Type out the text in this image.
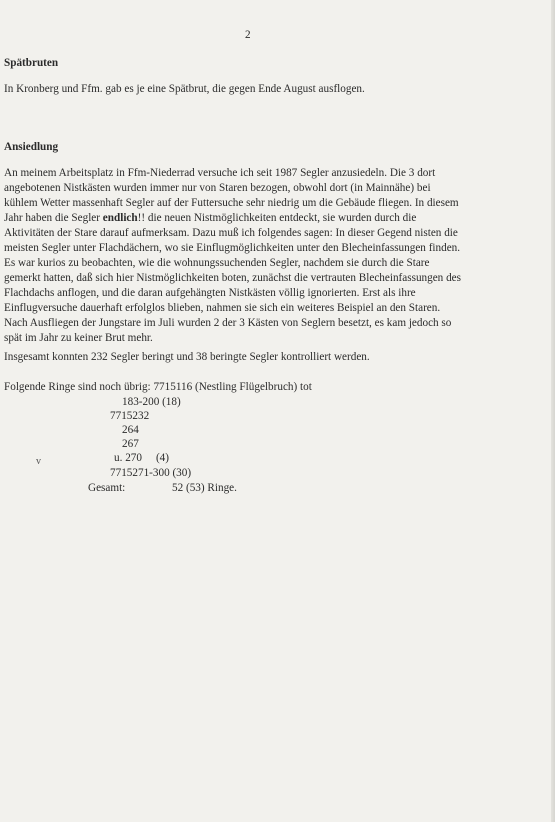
2
Spätbruten
In Kronberg und Ffm. gab es je eine Spätbrut, die gegen Ende August ausflogen.
Ansiedlung
An meinem Arbeitsplatz in Ffm-Niederrad versuche ich seit 1987 Segler anzusiedeln. Die 3 dort
angebotenen Nistkästen wurden immer nur von Staren bezogen, obwohl dort (in Mainnähe) bei
kühlem Wetter massenhaft Segler auf der Futtersuche sehr niedrig um die Gebäude fliegen. In diesem
Jahr haben die Segler endlich!! die neuen Nistmöglichkeiten entdeckt, sie wurden durch die
Aktivitäten der Stare darauf aufmerksam. Dazu muß ich folgendes sagen: In dieser Gegend nisten die
meisten Segler unter Flachdächern, wo sie Einflugmöglichkeiten unter den Blecheinfassungen finden.
Es war kurios zu beobachten, wie die wohnungssuchenden Segler, nachdem sie durch die Stare
gemerkt hatten, daß sich hier Nistmöglichkeiten boten, zunächst die vertrauten Blecheinfassungen des
Flachdachs anflogen, und die daran aufgehängten Nistkästen völlig ignorierten. Erst als ihre
Einflugversuche dauerhaft erfolglos blieben, nahmen sie sich ein weiteres Beispiel an den Staren.
Nach Ausfliegen der Jungstare im Juli wurden 2 der 3 Kästen von Seglern besetzt, es kam jedoch so
spät im Jahr zu keiner Brut mehr.
Insgesamt konnten 232 Segler beringt und 38 beringte Segler kontrolliert werden.
Folgende Ringe sind noch übrig: 7715116 (Nestling Flügelbruch) tot
183-200 (18)
7715232
264
267
u. 270     (4)
7715271-300 (30)
Gesamt:	52 (53) Ringe.
v
